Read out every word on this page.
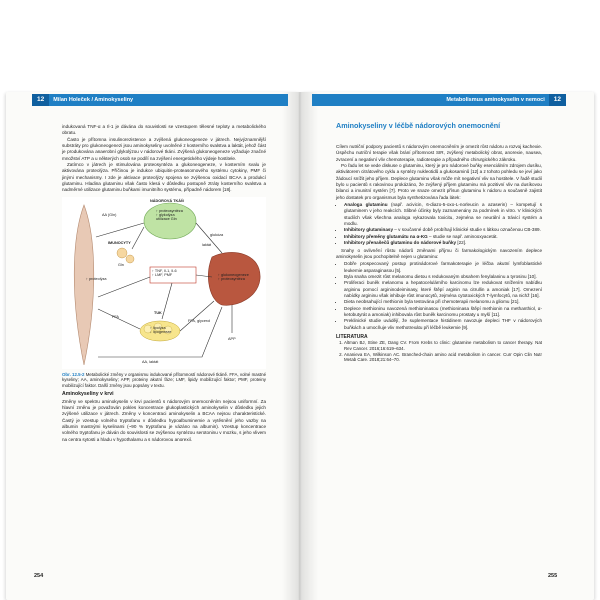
12 Milan Holeček / Aminokyseliny	Metabolismus aminokyselin v nemoci 12

indukovaná TNF-α a Il-1 je dávána do souvislosti se vzestupem tělesné teploty a metabolického obratu.

Často je přítomna insulinorezistence a zvýšená glukoneogeneze v játrech. Nejvýznamnější substráty pro glukoneogenezi jsou aminokyseliny uvolněné z kosterního svalstva a laktát, jehož část je produkována anaerobní glykolýzou v nádorové tkáni. Zvýšená glukoneogeneze vyžaduje značné množství ATP a u některých osob se podílí na zvýšení energetického výdeje hostitele.

Zatímco v játrech je stimulována proteosyntéza a glukoneogeneze, v kosterním svalu je aktivována proteolýza. Příčinou je indukce ubiquitin-proteasomového systému cytokiny, PMF či jinými mechanismy. I zde je aktivace proteolýzy spojena se zvýšenou oxidací BCAA a produkcí glutaminu. Hladina glutaminu však často klesá v důsledku postupně ztráty kosterního svalstva a nadměrné utilizace glutaminu buňkami imunitního systému, případně nádorem [18].

NÁDOROVÁ TKÁŇ
AA (Gln)
↑ proteosyntéza
↑ glykolýza
utilizace Gln
glukóza
laktát
IMUNOCYTY
Gln
↑ proteolýza
↑ TNF, Il-1, Il-6
↑ LMF, PMF	↑ glukoneogeneze
↑ proteosyntéza
TUK
FFA
↑ lipolýza
↓ lipogeneze
FFA, glycerol
APP
AA, laktát
Obr. 12.5-2 Metabolické změny v organismu indukované přítomností nádorové tkáně. FFA, volné mastné kyseliny; AA, aminokyseliny; APP, proteiny akutní fáze; LMF, lipidy mobilizující faktor; PMF, proteiny mobilizující faktor. Další změny jsou popsány v textu.
Aminokyseliny v krvi

Změny ve spektru aminokyselin v krvi pacientů s nádorovým onemocněním nejsou uniformní. Za hlavní změnu je považován pokles koncentrace glukoplastických aminokyselin v důsledku jejich zvýšené utilizace v játrech. Změny v koncentraci aminokyselin a BCAA nejsou charakteristické. Častý je vzestup volného tryptofanu v důsledku hypoalbuminemie a vytěsnění jeho vazby na albumin mastnými kyselinami (~90 % tryptofanu je vázáno na albumin). Vzestup koncentrace volného tryptofanu je dáván do souvislosti se zvýšenou syntézou serotoninu v mozku, s jeho vlivem na centra sytosti a hladu v hypothalamu a s nádorovou anorexií.

254
Aminokyseliny v léčbě nádorových onemocnění

Cílem nutriční podpory pacientů s nádorovým onemocněním je omezit růst nádoru a rozvoj kachexie. Úspěchu nutriční terapie však brání přítomnost SIR, zvýšený metabolický obrat, anorexie, nausea, zvracení a negativní vliv chemoterapie, radioterapie a případného chirurgického zákroku.

Po řadu let se vede diskuse o glutaminu, který je pro nádorové buňky esenciálním zdrojem dusíku, aktivátorem citrátového cyklu a syntézy nukleotidů a glukosaminů [12] a z tohoto pohledu se jeví jako žádoucí snížit jeho příjem. Deplece glutaminu však může mít negativní vliv na hostitele. V řadě studií bylo u pacientů s rakovinou prokázáno, že zvýšený příjem glutaminu má pozitivní vliv na dusíkovou bilanci a imunitní systém [7]. Proto ve snaze omezit přísun glutaminu k nádoru a současně zajistit jeho dostatek pro organismus byla synthetizována řada látek:

• Analoga glutaminu (např. acivicin, 6-diazo-5-oxo-L-norleucin a azaserin) – kompetují s glutaminem v jeho reakcích. Slibné účinky byly zaznamenány za podmínek in vitro. V klinických studiích však všechna analoga vykazovala toxicitu, zejména se neurální a trávicí systém a modlu.
• Inhibitory glutaminasy – v současné době probíhají klinické studie s látkou označenou CB-389.
• Inhibitory přeměny glutamátu na α-KG – studie se např. aminooxyacetát.
• Inhibitory přenašečů glutaminu do nádorové buňky [22].

Snahy o ovlivnění růstu nádorů změnami příjmu či farmakologickým navozením deplece aminokyselin jsou pochopitelně nejen u glutaminu:

• Dobře prospecovaný postup protinádorové farmakoterapie je léčba akutní lymfoblastické leukemie asparaginasou [5].
• Byla snaha omezit růst melanomu dietou s redukovaným obsahem fenylalaninu a tyrosinu [10].
• Proliferaci buněk melanomu a hepatocelulárního karcinomu lze redukovat snížením nabídku argininu pomocí argininodeiminasy, které štěpí arginin na citrullin a amoniak [17]. Omezení nabídky argininu však inhibuje růst imunocytů, zejména cytotoxických T-lymfocytů, na nichž [16].
• Dieta neobsahující methionin byla testována při chemoterapii melanomu a gliomu [21].
• Deplece methioninu navozená methioninasou (methioninasa štěpí methionin na methanthiol, α-ketobutyrát a amoniak) inhibovala růst buněk karcinomu prostaty u myší [11].
• Preklinické studie uvádějí, že suplementace histidinem navozuje depleci THF v nádorových buňkách a umocňuje vliv methotrexátu při léčbě leukemie [9].
LITERATURA
1. Altman BJ, Stine ZE, Dang CV. From Krebs to clinic: glutamine metabolism to cancer therapy. Nat Rev Cancer. 2016;16:619–634.
2. Ananieva EA, Wilkinson AC. Branched-chain amino acid metabolism in cancer. Curr Opin Clin Nutr Metab Care. 2018;21:64–70.
255
